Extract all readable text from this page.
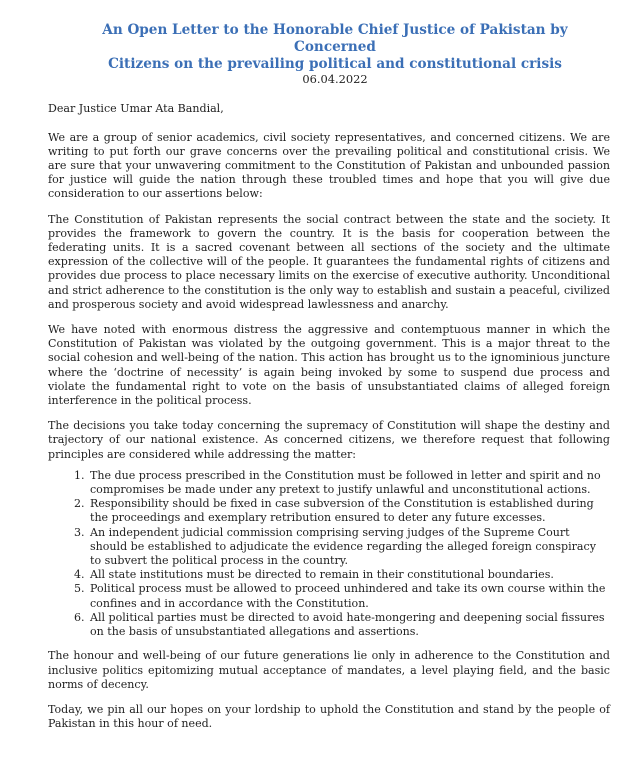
An Open Letter to the Honorable Chief Justice of Pakistan by Concerned
Citizens on the prevailing political and constitutional crisis
06.04.2022
Dear Justice Umar Ata Bandial,

We are a group of senior academics, civil society representatives, and concerned citizens. We are writing to put forth our grave concerns over the prevailing political and constitutional crisis. We are sure that your unwavering commitment to the Constitution of Pakistan and unbounded passion for justice will guide the nation through these troubled times and hope that you will give due consideration to our assertions below:

The Constitution of Pakistan represents the social contract between the state and the society. It provides the framework to govern the country. It is the basis for cooperation between the federating units. It is a sacred covenant between all sections of the society and the ultimate expression of the collective will of the people. It guarantees the fundamental rights of citizens and provides due process to place necessary limits on the exercise of executive authority. Unconditional and strict adherence to the constitution is the only way to establish and sustain a peaceful, civilized and prosperous society and avoid widespread lawlessness and anarchy.

We have noted with enormous distress the aggressive and contemptuous manner in which the Constitution of Pakistan was violated by the outgoing government. This is a major threat to the social cohesion and well-being of the nation. This action has brought us to the ignominious juncture where the ‘doctrine of necessity’ is again being invoked by some to suspend due process and violate the fundamental right to vote on the basis of unsubstantiated claims of alleged foreign interference in the political process.

The decisions you take today concerning the supremacy of Constitution will shape the destiny and trajectory of our national existence. As concerned citizens, we therefore request that following principles are considered while addressing the matter:

1. The due process prescribed in the Constitution must be followed in letter and spirit and no compromises be made under any pretext to justify unlawful and unconstitutional actions.
2. Responsibility should be fixed in case subversion of the Constitution is established during the proceedings and exemplary retribution ensured to deter any future excesses.
3. An independent judicial commission comprising serving judges of the Supreme Court should be established to adjudicate the evidence regarding the alleged foreign conspiracy to subvert the political process in the country.
4. All state institutions must be directed to remain in their constitutional boundaries.
5. Political process must be allowed to proceed unhindered and take its own course within the confines and in accordance with the Constitution.
6. All political parties must be directed to avoid hate-mongering and deepening social fissures on the basis of unsubstantiated allegations and assertions.

The honour and well-being of our future generations lie only in adherence to the Constitution and inclusive politics epitomizing mutual acceptance of mandates, a level playing field, and the basic norms of decency.

Today, we pin all our hopes on your lordship to uphold the Constitution and stand by the people of Pakistan in this hour of need.
